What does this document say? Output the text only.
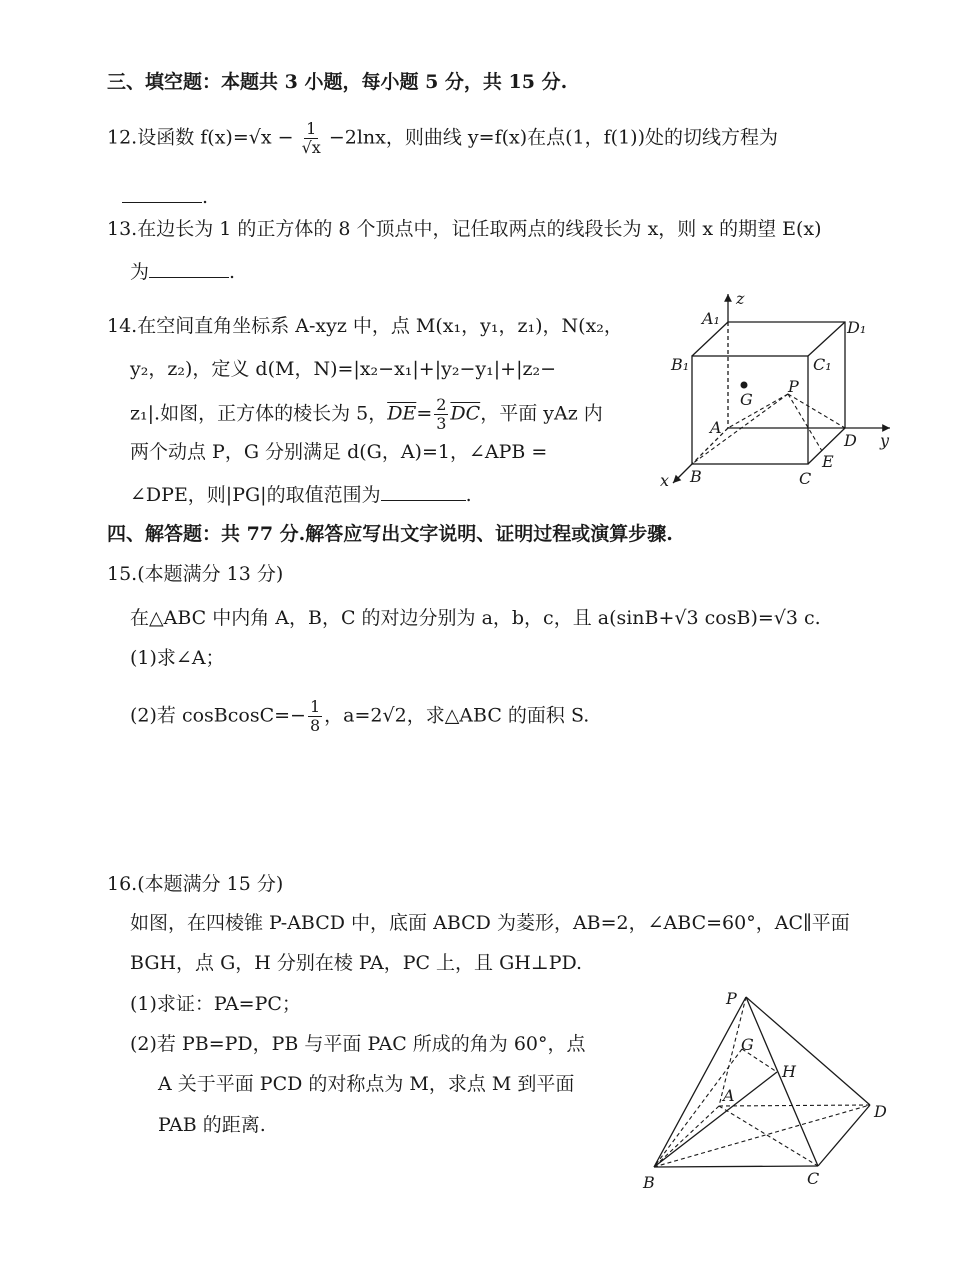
三、填空题：本题共 3 小题，每小题 5 分，共 15 分.
12.设函数 $f(x)=√x - \frac{1}{√x} -2\ln x$，则曲线 y=f(x)在点(1，f(1))处的切线方程为
.
13.在边长为 1 的正方体的 8 个顶点中，记任取两点的线段长为 x，则 x 的期望 E(x)
为	.
14.在空间直角坐标系 A-xyz 中，点 M(x₁，y₁，z₁)，N(x₂，
y₂，z₂)，定义 d(M，N)=|x₂−x₁|+|y₂−y₁|+|z₂−
z₁|.如图，正方体的棱长为 5，$\overline{DE}= \frac{2}{3} \overline{DC}$，平面 yAz 内
两个动点 P，G 分别满足 d(G，A)=1，∠APB =
∠DPE，则|PG|的取值范围为	.
z
y
x
A₁	D₁
B₁	C₁
G
P
A
D
E
B	C
四、解答题：共 77 分.解答应写出文字说明、证明过程或演算步骤.
15.(本题满分 13 分)
在△ABC 中内角 A，B，C 的对边分别为 a，b，c，且 a(sinB+√3 cosB)=√3 c.
(1)求∠A；
(2)若 cosBcosC=− $\frac{1}{8}$ ，a=2√2，求△ABC 的面积 S.
16.(本题满分 15 分)
如图，在四棱锥 P-ABCD 中，底面 ABCD 为菱形，AB=2，∠ABC=60°，AC∥平面
BGH，点 G，H 分别在棱 PA，PC 上，且 GH⊥PD.
(1)求证：PA=PC；
(2)若 PB=PD，PB 与平面 PAC 所成的角为 60°，点
A 关于平面 PCD 的对称点为 M，求点 M 到平面
PAB 的距离.
P
G
H
A
D
B	C
